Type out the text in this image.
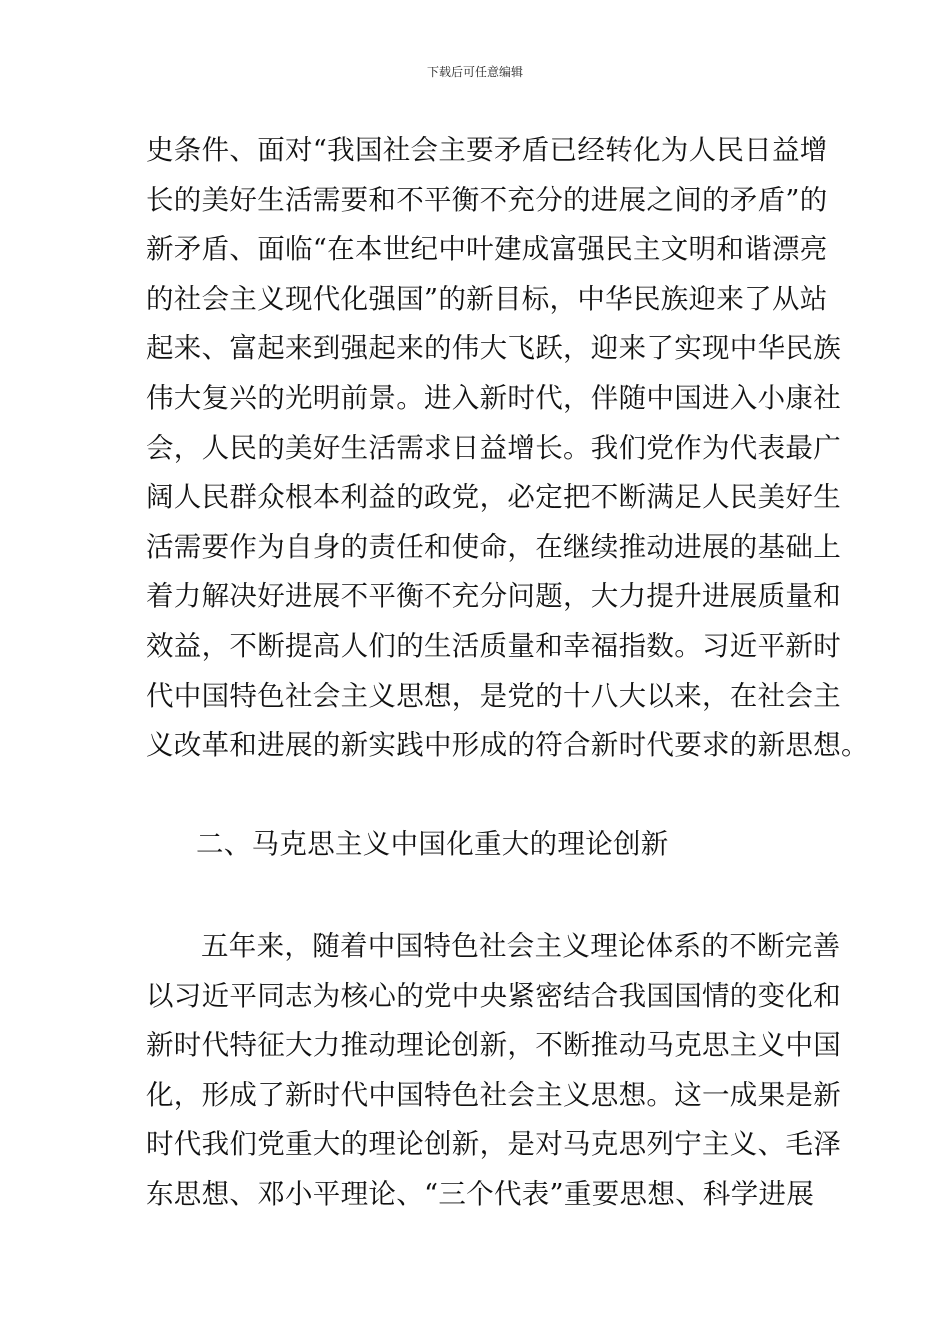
下载后可任意编辑
史条件、面对“我国社会主要矛盾已经转化为人民日益增
长的美好生活需要和不平衡不充分的进展之间的矛盾”的
新矛盾、面临“在本世纪中叶建成富强民主文明和谐漂亮
的社会主义现代化强国”的新目标，中华民族迎来了从站
起来、富起来到强起来的伟大飞跃，迎来了实现中华民族
伟大复兴的光明前景。进入新时代，伴随中国进入小康社
会，人民的美好生活需求日益增长。我们党作为代表最广
阔人民群众根本利益的政党，必定把不断满足人民美好生
活需要作为自身的责任和使命，在继续推动进展的基础上
着力解决好进展不平衡不充分问题，大力提升进展质量和
效益，不断提高人们的生活质量和幸福指数。习近平新时
代中国特色社会主义思想，是党的十八大以来，在社会主
义改革和进展的新实践中形成的符合新时代要求的新思想。
二、马克思主义中国化重大的理论创新
五年来，随着中国特色社会主义理论体系的不断完善
以习近平同志为核心的党中央紧密结合我国国情的变化和
新时代特征大力推动理论创新，不断推动马克思主义中国
化，形成了新时代中国特色社会主义思想。这一成果是新
时代我们党重大的理论创新，是对马克思列宁主义、毛泽
东思想、邓小平理论、“三个代表”重要思想、科学进展
